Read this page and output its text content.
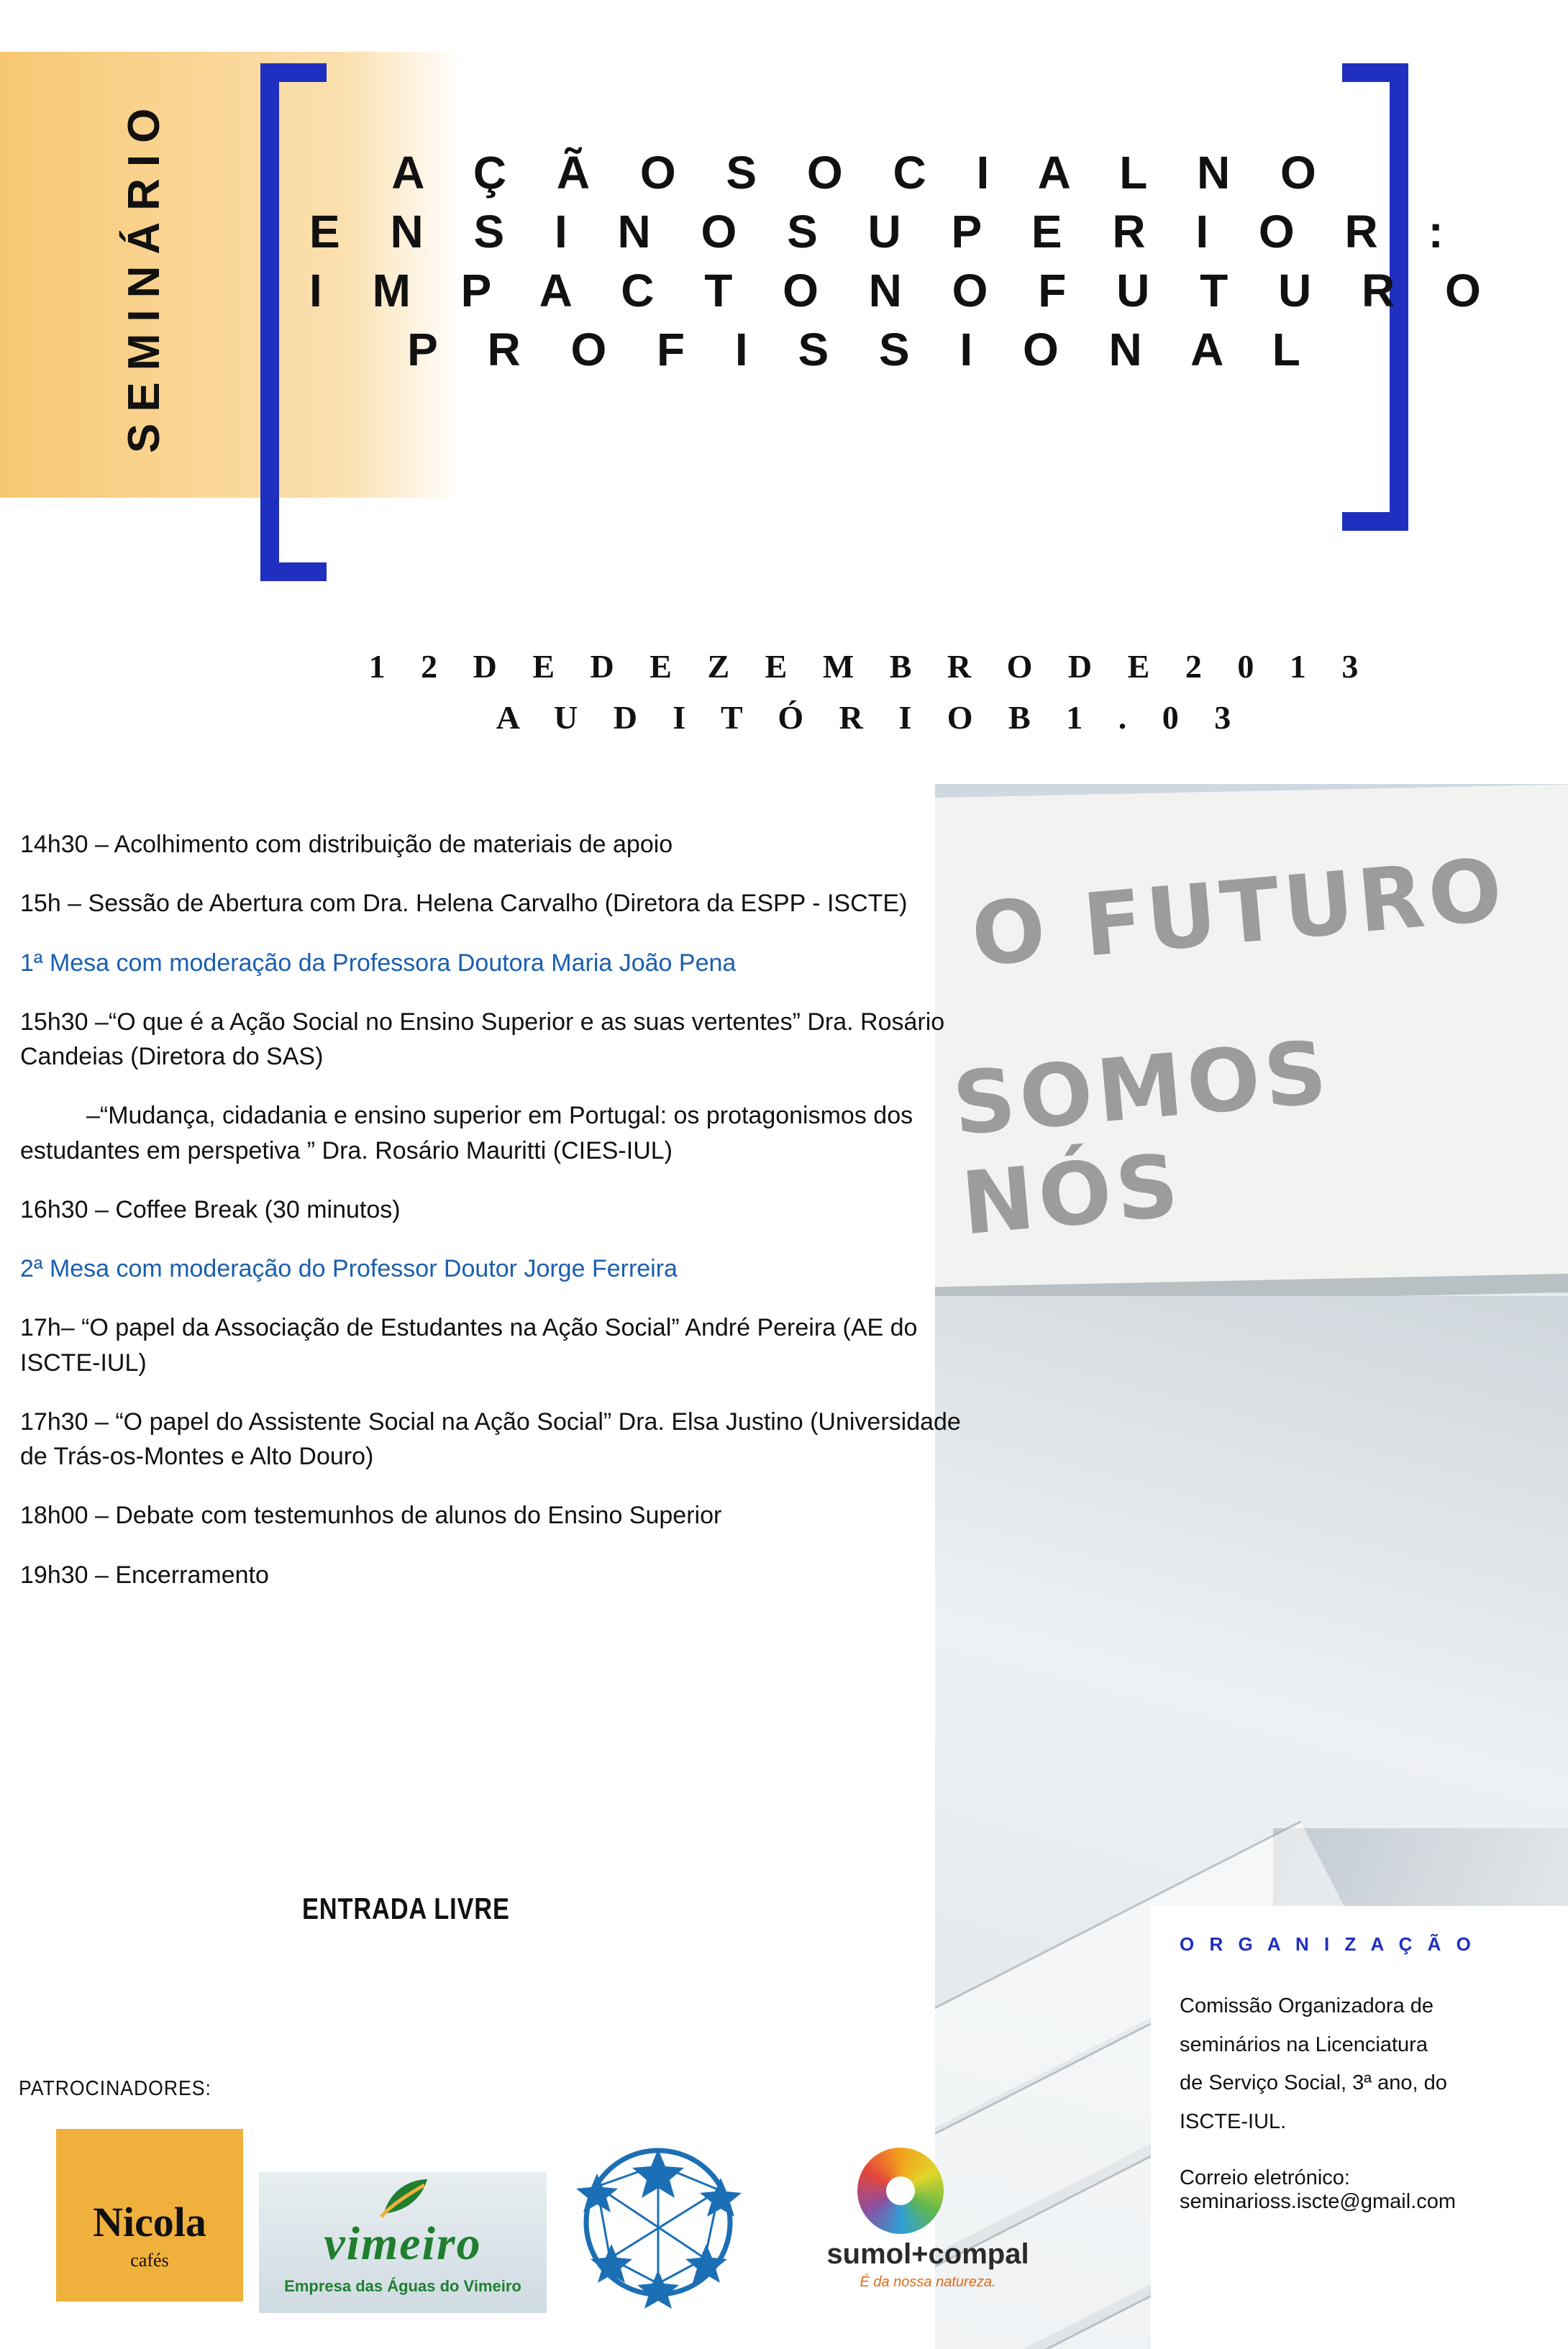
SEMINÁRIO	A Ç Ã O S O C I A L N O
E N S I N O S U P E R I O R :
I M P A C T O N O F U T U R O
P R O F I S S I O N A L
1 2 D E D E Z E M B R O D E 2 0 1 3
A U D I T Ó R I O B 1 . 0 3
O FUTURO
SOMOS NÓS

14h30 – Acolhimento com distribuição de materiais de apoio

15h – Sessão de Abertura com Dra. Helena Carvalho (Diretora da ESPP - ISCTE)

1ª Mesa com moderação da Professora Doutora Maria João Pena

15h30 –“O que é a Ação Social no Ensino Superior e as suas vertentes” Dra. Rosário Candeias (Diretora do SAS)

–“Mudança, cidadania e ensino superior em Portugal: os protagonismos dos estudantes em perspetiva ” Dra. Rosário Mauritti (CIES-IUL)

16h30 – Coffee Break (30 minutos)

2ª Mesa com moderação do Professor Doutor Jorge Ferreira

17h– “O papel da Associação de Estudantes na Ação Social” André Pereira (AE do ISCTE-IUL)

17h30 – “O papel do Assistente Social na Ação Social” Dra. Elsa Justino (Universidade de Trás-os-Montes e Alto Douro)

18h00 – Debate com testemunhos de alunos do Ensino Superior

19h30 – Encerramento

ENTRADA LIVRE
O R G A N I Z A Ç Ã O
Comissão Organizadora de
seminários na Licenciatura
de Serviço Social, 3ª ano, do
ISCTE-IUL.
Correio eletrónico:
seminarioss.iscte@gmail.com
PATROCINADORES:
Nicola
cafés	vimeiro
Empresa das Águas do Vimeiro
sumol+compal
É da nossa natureza.
